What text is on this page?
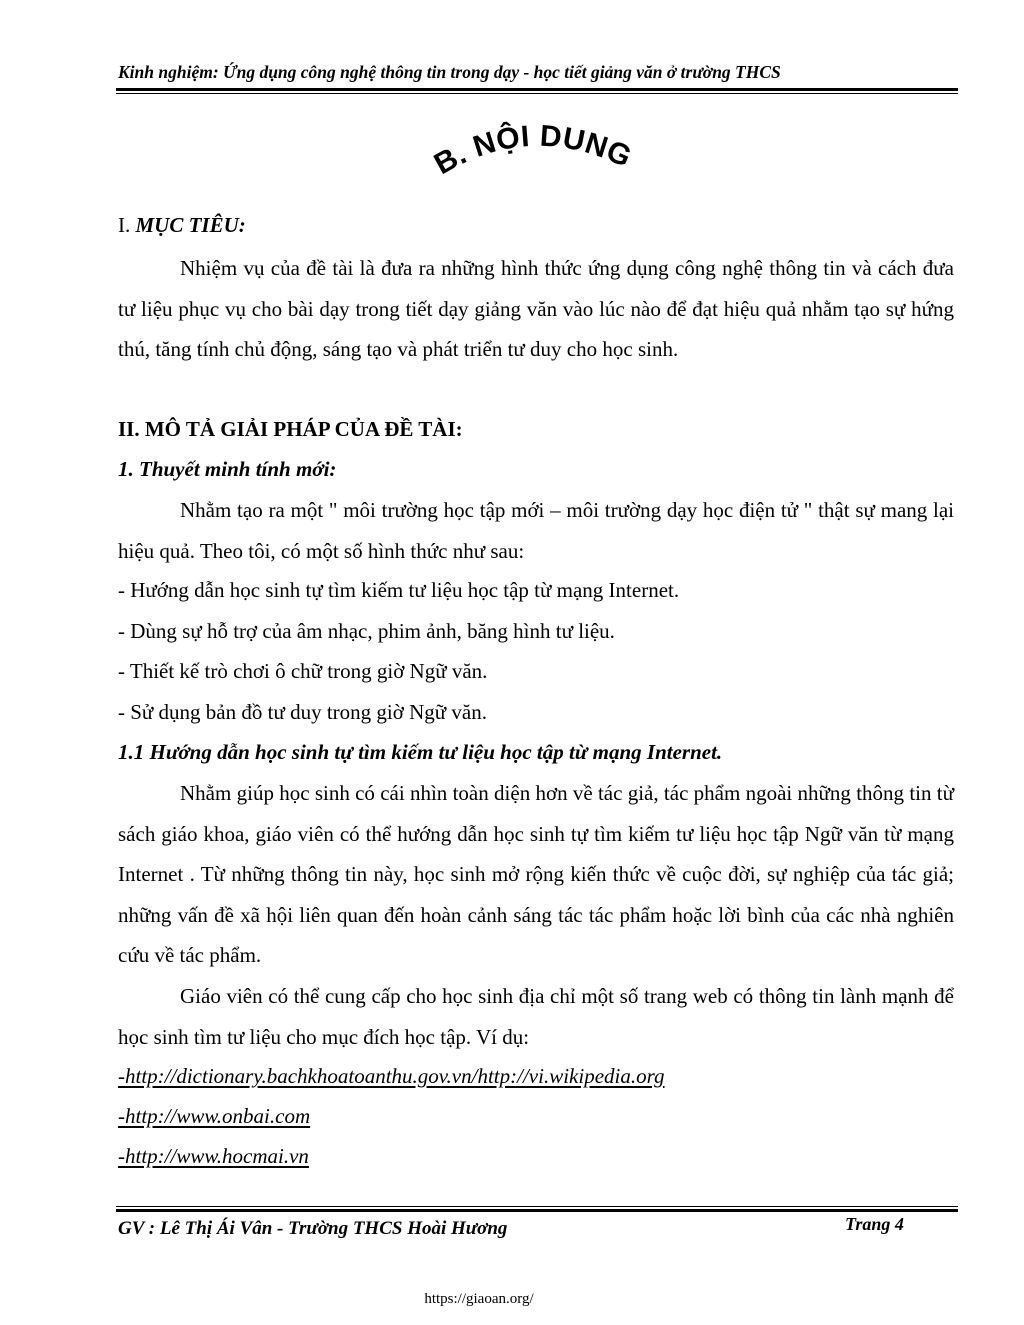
Kinh nghiệm: Ứng dụng công nghệ thông tin trong dạy - học tiết giảng văn ở trường THCS
B. NỘI DUNG
I. MỤC TIÊU:
Nhiệm vụ của đề tài là đưa ra những hình thức ứng dụng công nghệ thông tin và cách đưa tư liệu phục vụ cho bài dạy trong tiết dạy giảng văn vào lúc nào để đạt hiệu quả nhằm tạo sự hứng thú, tăng tính chủ động, sáng tạo và phát triển tư duy cho học sinh.
II. MÔ TẢ GIẢI PHÁP CỦA ĐỀ TÀI:
1. Thuyết minh tính mới:
Nhằm tạo ra một " môi trường học tập mới – môi trường dạy học điện tử " thật sự mang lại hiệu quả. Theo tôi, có một số hình thức như sau:
- Hướng dẫn học sinh tự tìm kiếm tư liệu học tập từ mạng Internet.
- Dùng sự hỗ trợ của âm nhạc, phim ảnh, băng hình tư liệu.
- Thiết kế trò chơi ô chữ trong giờ Ngữ văn.
- Sử dụng bản đồ tư duy trong giờ Ngữ văn.
1.1 Hướng dẫn học sinh tự tìm kiếm tư liệu học tập từ mạng Internet.
Nhằm giúp học sinh có cái nhìn toàn diện hơn về tác giả, tác phẩm ngoài những thông tin từ sách giáo khoa, giáo viên có thể hướng dẫn học sinh tự tìm kiếm tư liệu học tập Ngữ văn từ mạng Internet . Từ những thông tin này, học sinh mở rộng kiến thức về cuộc đời, sự nghiệp của tác giả; những vấn đề xã hội liên quan đến hoàn cảnh sáng tác tác phẩm hoặc lời bình của các nhà nghiên cứu về tác phẩm.
Giáo viên có thể cung cấp cho học sinh địa chỉ một số trang web có thông tin lành mạnh để học sinh tìm tư liệu cho mục đích học tập. Ví dụ:
-http://dictionary.bachkhoatoanthu.gov.vn/http://vi.wikipedia.org
-http://www.onbai.com
-http://www.hocmai.vn
GV : Lê Thị Ái Vân - Trường THCS Hoài Hương	Trang 4
https://giaoan.org/
